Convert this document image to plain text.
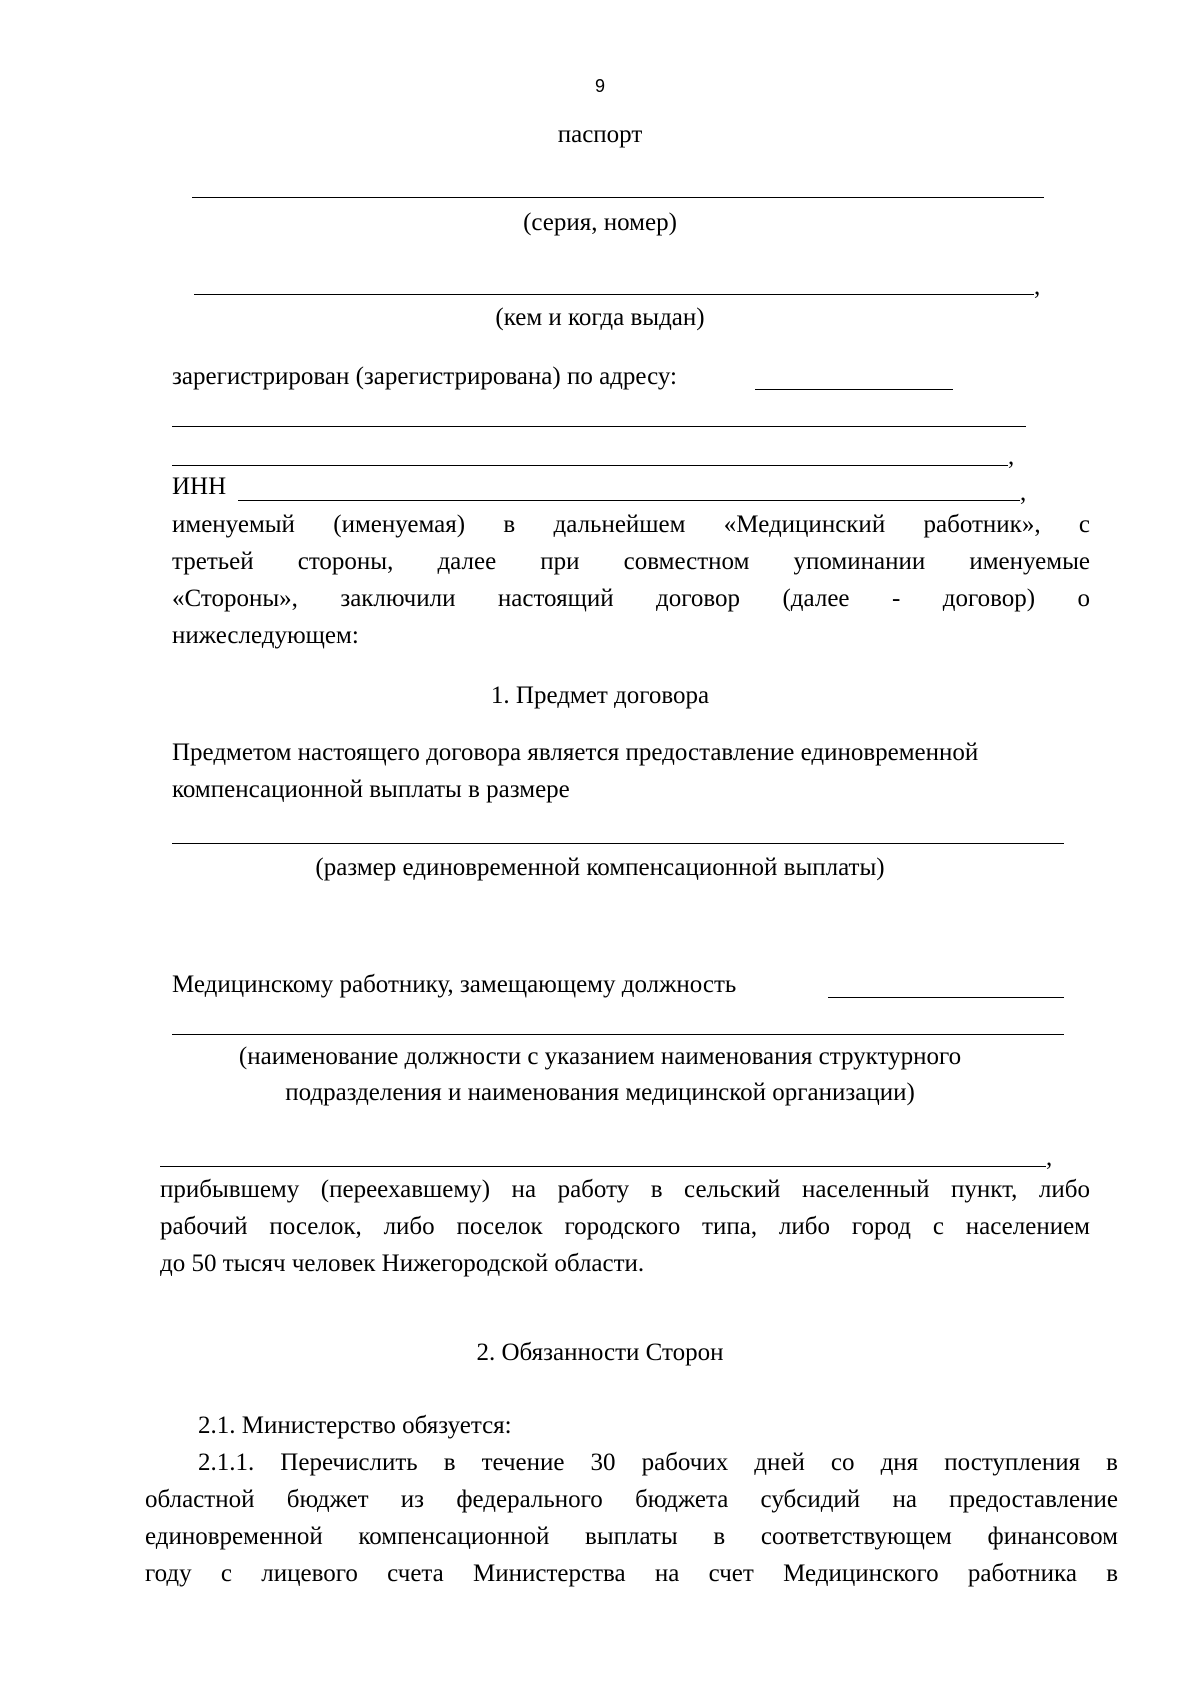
9
паспорт
(серия, номер)
,
(кем и когда выдан)
зарегистрирован (зарегистрирована) по адресу:
,
ИНН	,
именуемый (именуемая) в дальнейшем «Медицинский работник», с
третьей стороны, далее при совместном упоминании именуемые
«Стороны», заключили настоящий договор (далее - договор) о
нижеследующем:
1. Предмет договора
Предметом настоящего договора является предоставление единовременной
компенсационной выплаты в размере
(размер единовременной компенсационной выплаты)
Медицинскому работнику, замещающему должность
(наименование должности с указанием наименования структурного
подразделения и наименования медицинской организации)
,
прибывшему (переехавшему) на работу в сельский населенный пункт, либо
рабочий поселок, либо поселок городского типа, либо город с населением
до 50 тысяч человек Нижегородской области.
2. Обязанности Сторон
2.1. Министерство обязуется:
2.1.1. Перечислить в течение 30 рабочих дней со дня поступления в
областной бюджет из федерального бюджета субсидий на предоставление
единовременной компенсационной выплаты в соответствующем финансовом
году с лицевого счета Министерства на счет Медицинского работника в
